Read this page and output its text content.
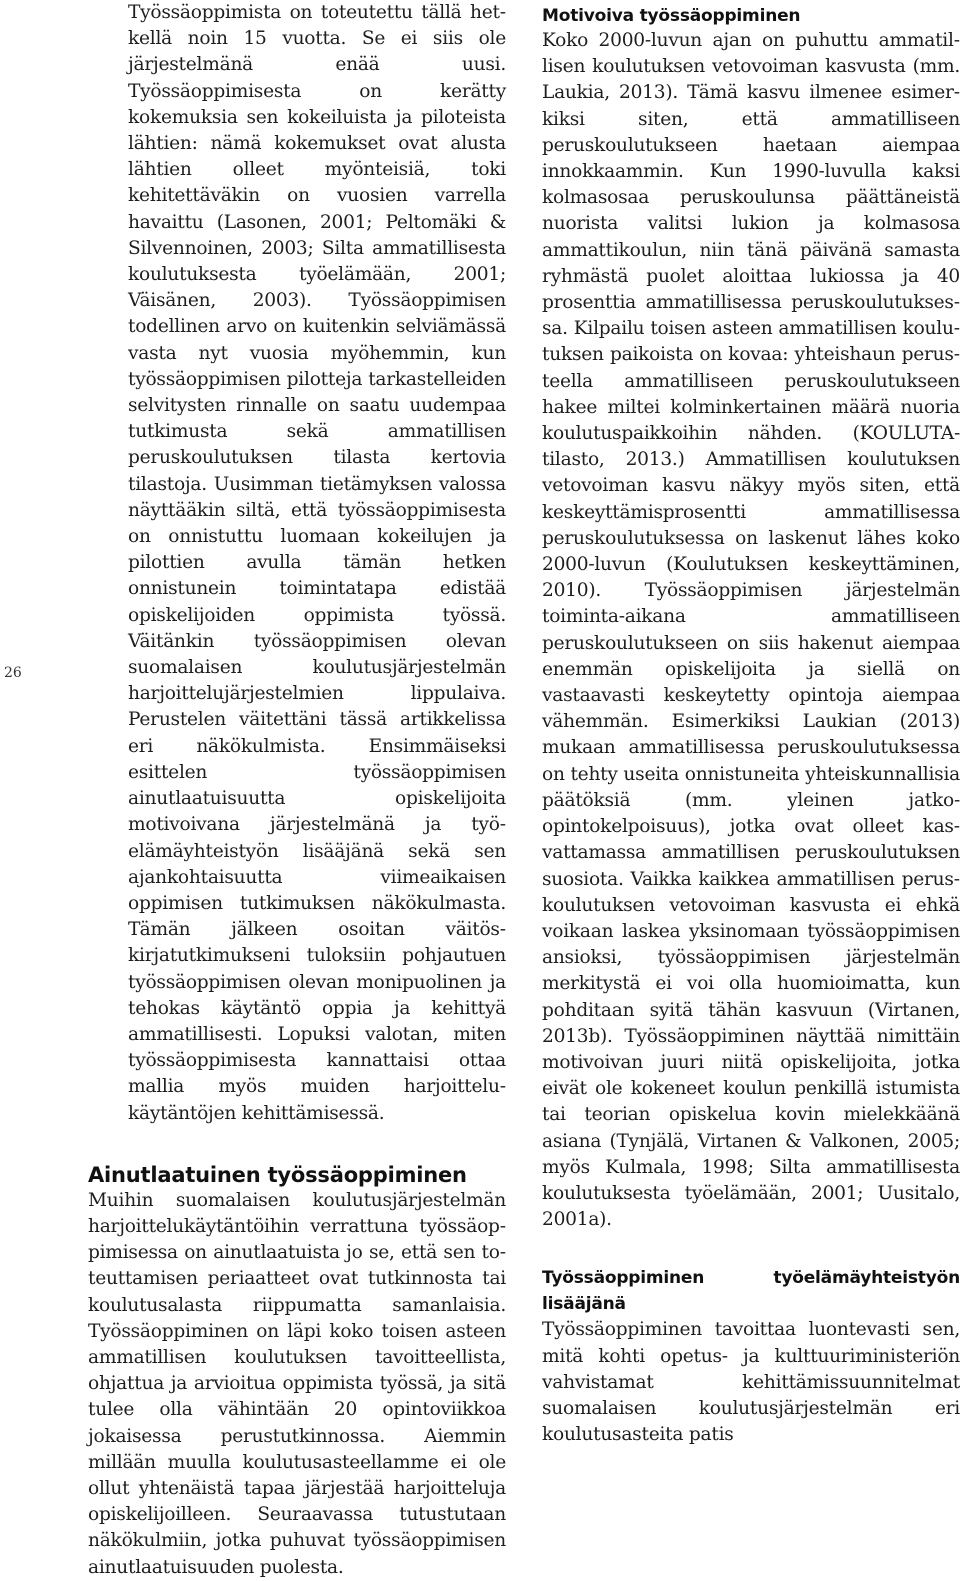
26

Työssäoppimista on toteutettu tällä hetkellä noin 15 vuotta. Se ei siis ole järjestelmänä enää uusi. Työssäoppimisesta on kerätty kokemuksia sen kokeiluista ja piloteista lähtien: nämä kokemukset ovat alusta lähtien olleet myönteisiä, toki kehitettäväkin on vuosien varrella havaittu (Lasonen, 2001; Peltomäki & Silvennoinen, 2003; Silta ammatillisesta koulutuksesta työelämään, 2001; Väisänen, 2003). Työssäoppimisen todellinen arvo on kuitenkin selviämässä vasta nyt vuosia myöhemmin, kun työssäoppimisen pilotteja tarkastelleiden selvitysten rinnalle on saatu uudempaa tutkimusta sekä ammatillisen peruskoulutuksen tilasta kertovia tilastoja. Uusimman tietämyksen valossa näyttääkin siltä, että työssäoppimisesta on onnistuttu luomaan kokeilujen ja pilottien avulla tämän hetken onnistunein toimintatapa edistää opiskelijoiden oppimista työssä. Väitänkin työssäoppimisen olevan suomalaisen koulutusjärjestelmän harjoittelujärjestelmien lippulaiva. Perustelen väitettäni tässä artikkelissa eri näkökulmista. Ensimmäiseksi esittelen työssäoppimisen ainutlaatuisuutta opiskelijoita motivoivana järjestelmänä ja työelämäyhteistyön lisääjänä sekä sen ajankohtaisuutta viimeaikaisen oppimisen tutkimuksen näkökulmasta. Tämän jälkeen osoitan väitöskirjatutkimukseni tuloksiin pohjautuen työssäoppimisen olevan monipuolinen ja tehokas käytäntö oppia ja kehittyä ammatillisesti. Lopuksi valotan, miten työssäoppimisesta kannattaisi ottaa mallia myös muiden harjoittelukäytäntöjen kehittämisessä.

Ainutlaatuinen työssäoppiminen

Muihin suomalaisen koulutusjärjestelmän harjoittelukäytäntöihin verrattuna työssäoppimisessa on ainutlaatuista jo se, että sen toteuttamisen periaatteet ovat tutkinnosta tai koulutusalasta riippumatta samanlaisia. Työssäoppiminen on läpi koko toisen asteen ammatillisen koulutuksen tavoitteellista, ohjattua ja arvioitua oppimista työssä, ja sitä tulee olla vähintään 20 opintoviikkoa jokaisessa perustutkinnossa. Aiemmin millään muulla koulutusasteellamme ei ole ollut yhtenäistä tapaa järjestää harjoitteluja opiskelijoilleen. Seuraavassa tutustutaan näkökulmiin, jotka puhuvat työssäoppimisen ainutlaatuisuuden puolesta.

Motivoiva työssäoppiminen

Koko 2000-luvun ajan on puhuttu ammatillisen koulutuksen vetovoiman kasvusta (mm. Laukia, 2013). Tämä kasvu ilmenee esimerkiksi siten, että ammatilliseen peruskoulutukseen haetaan aiempaa innokkaammin. Kun 1990-luvulla kaksi kolmasosaa peruskoulunsa päättäneistä nuorista valitsi lukion ja kolmasosa ammattikoulun, niin tänä päivänä samasta ryhmästä puolet aloittaa lukiossa ja 40 prosenttia ammatillisessa peruskoulutuksessa. Kilpailu toisen asteen ammatillisen koulutuksen paikoista on kovaa: yhteishaun perusteella ammatilliseen peruskoulutukseen hakee miltei kolminkertainen määrä nuoria koulutuspaikkoihin nähden. (KOULUTA-tilasto, 2013.) Ammatillisen koulutuksen vetovoiman kasvu näkyy myös siten, että keskeyttämisprosentti ammatillisessa peruskoulutuksessa on laskenut lähes koko 2000-luvun (Koulutuksen keskeyttäminen, 2010). Työssäoppimisen järjestelmän toiminta-aikana ammatilliseen peruskoulutukseen on siis hakenut aiempaa enemmän opiskelijoita ja siellä on vastaavasti keskeytetty opintoja aiempaa vähemmän. Esimerkiksi Laukian (2013) mukaan ammatillisessa peruskoulutuksessa on tehty useita onnistuneita yhteiskunnallisia päätöksiä (mm. yleinen jatko-opintokelpoisuus), jotka ovat olleet kasvattamassa ammatillisen peruskoulutuksen suosiota. Vaikka kaikkea ammatillisen peruskoulutuksen vetovoiman kasvusta ei ehkä voikaan laskea yksinomaan työssäoppimisen ansioksi, työssäoppimisen järjestelmän merkitystä ei voi olla huomioimatta, kun pohditaan syitä tähän kasvuun (Virtanen, 2013b). Työssäoppiminen näyttää nimittäin motivoivan juuri niitä opiskelijoita, jotka eivät ole kokeneet koulun penkillä istumista tai teorian opiskelua kovin mielekkäänä asiana (Tynjälä, Virtanen & Valkonen, 2005; myös Kulmala, 1998; Silta ammatillisesta koulutuksesta työelämään, 2001; Uusitalo, 2001a).

Työssäoppiminen työelämäyhteistyön lisääjänä

Työssäoppiminen tavoittaa luontevasti sen, mitä kohti opetus- ja kulttuuriministeriön vahvistamat kehittämissuunnitelmat suomalaisen koulutusjärjestelmän eri koulutusasteita patis
